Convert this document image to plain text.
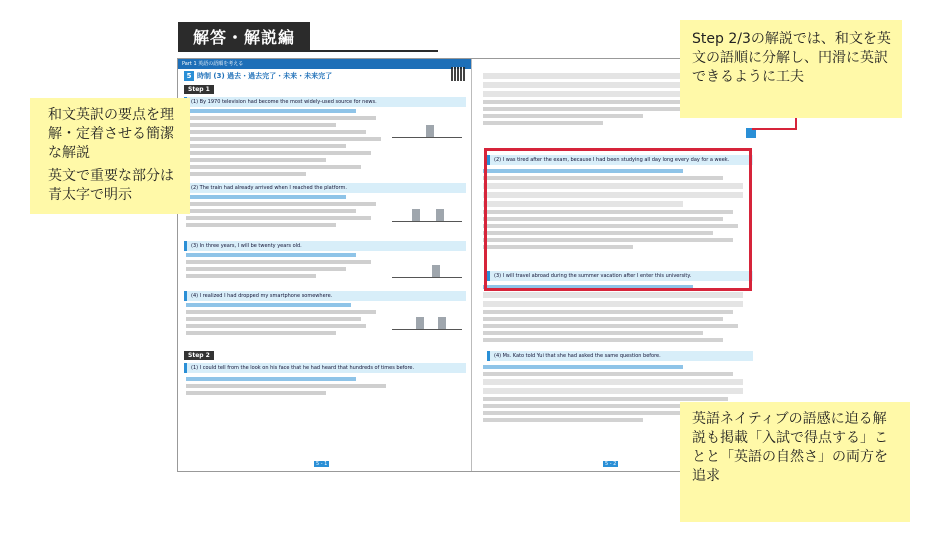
解答・解説編
Part 1 英語の語順を考える
5 時制 (3) 過去・過去完了・未来・未来完了
Step 1
(1) By 1970 television had become the most widely-used source for news.
(2) The train had already arrived when I reached the platform.
(3) In three years, I will be twenty years old.
(4) I realized I had dropped my smartphone somewhere.
Step 2
(1) I could tell from the look on his face that he had heard that hundreds of times before.
5 - 1
(2) I was tired after the exam, because I had been studying all day long every day for a week.
(3) I will travel abroad during the summer vacation after I enter this university.
(4) Ms. Kato told Yui that she had asked the same question before.
5 - 2

和文英訳の要点を理解・定着させる簡潔な解説

英文で重要な部分は青太字で明示

Step 2/3の解説では、和文を英文の語順に分解し、円滑に英訳できるように工夫

英語ネイティブの語感に迫る解説も掲載「入試で得点する」ことと「英語の自然さ」の両方を追求
